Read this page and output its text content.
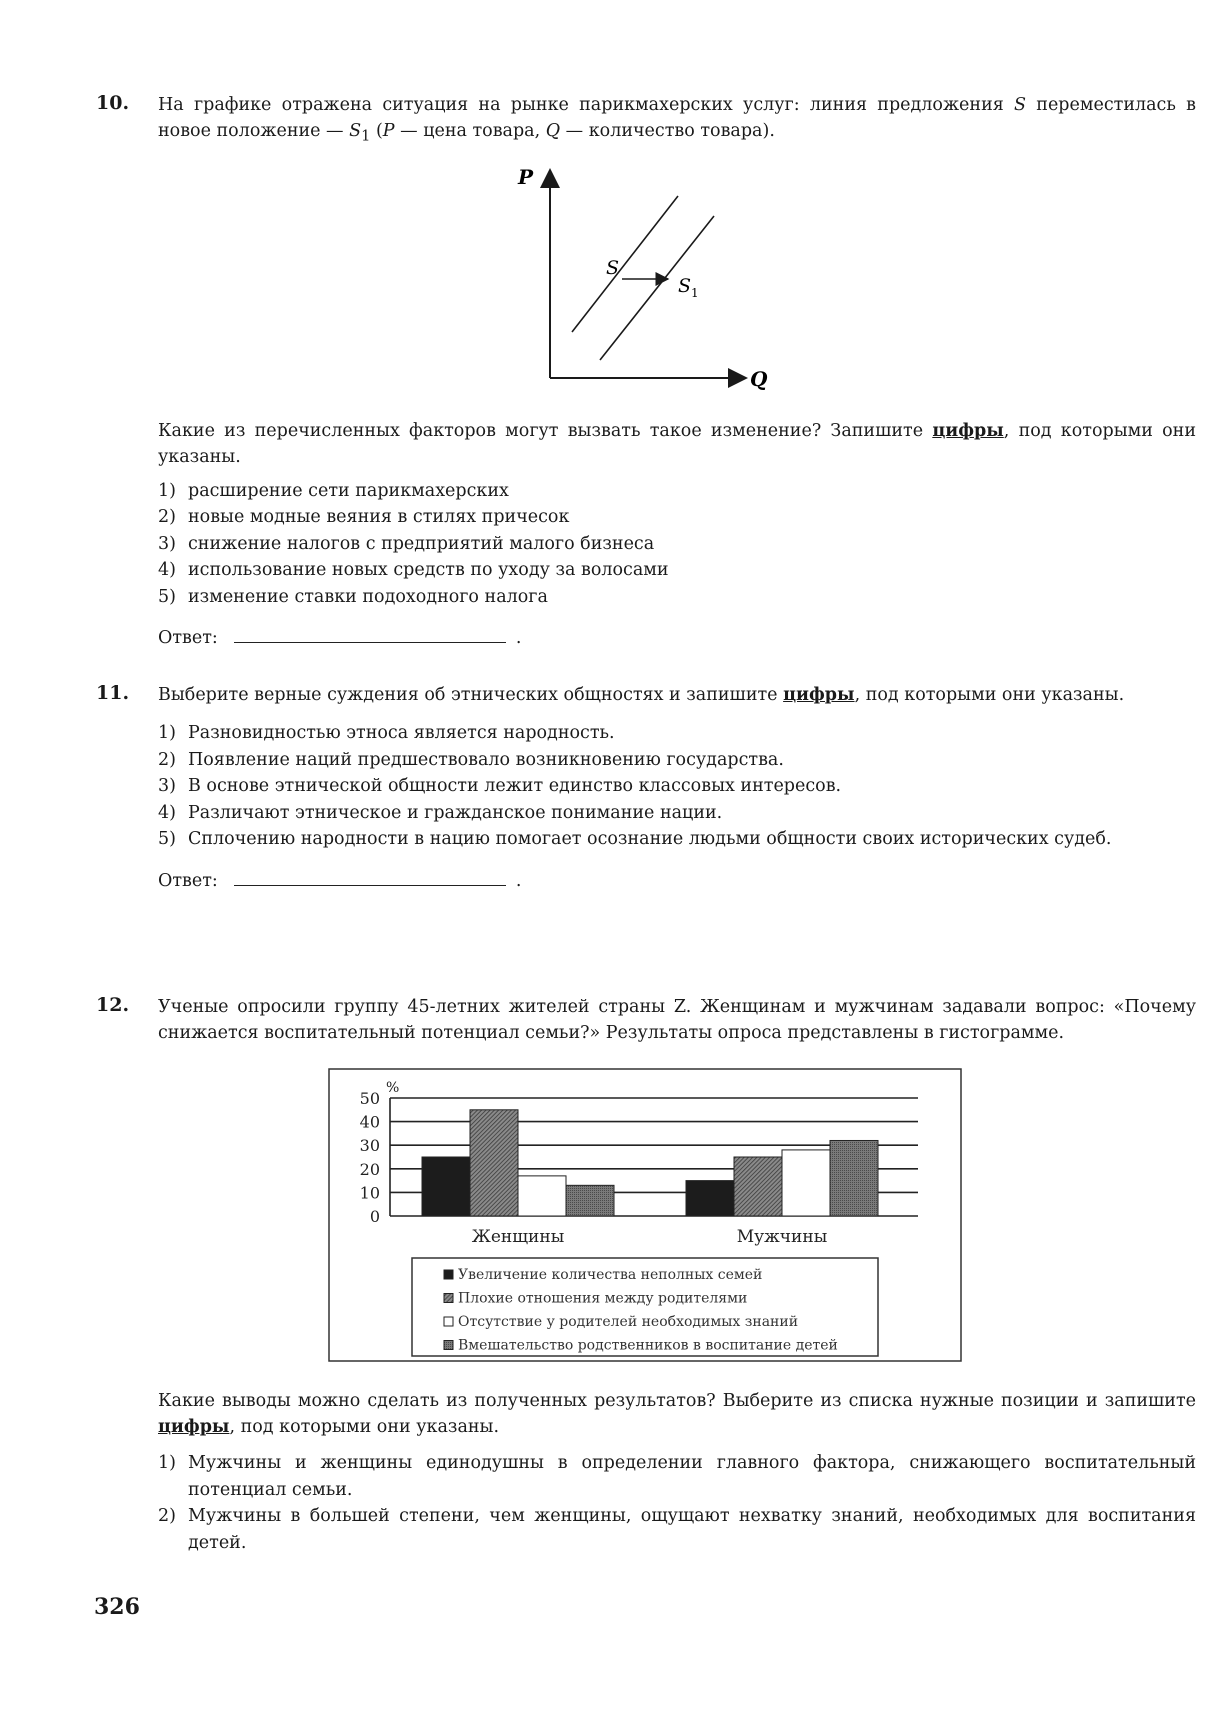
10. На графике отражена ситуация на рынке парикмахерских услуг: линия предложения S переместилась в новое положение — $S_1$ (P — цена товара, Q — количество товара).

P
Q
S
$S_1$

Какие из перечисленных факторов могут вызвать такое изменение? Запишите цифры, под которыми они указаны.

1) расширение сети парикмахерских
2) новые модные веяния в стилях причесок
3) снижение налогов с предприятий малого бизнеса
4) использование новых средств по уходу за волосами
5) изменение ставки подоходного налога
Ответ:	.
11. Выберите верные суждения об этнических общностях и запишите цифры, под которыми они указаны.

1) Разновидностью этноса является народность.
2) Появление наций предшествовало возникновению государства.
3) В основе этнической общности лежит единство классовых интересов.
4) Различают этническое и гражданское понимание нации.
5) Сплочению народности в нацию помогает осознание людьми общности своих исторических судеб.
Ответ:	.
12. Ученые опросили группу 45-летних жителей страны Z. Женщинам и мужчинам задавали вопрос: «Почему снижается воспитательный потенциал семьи?» Результаты опроса представлены в гистограмме.

0
10
20
30
40
50
%
Женщины	Мужчины
Увеличение количества неполных семей
Плохие отношения между родителями
Отсутствие у родителей необходимых знаний
Вмешательство родственников в воспитание детей

Какие выводы можно сделать из полученных результатов? Выберите из списка нужные позиции и запишите цифры, под которыми они указаны.

1) Мужчины и женщины единодушны в определении главного фактора, снижающего воспитательный потенциал семьи.
2) Мужчины в большей степени, чем женщины, ощущают нехватку знаний, необходимых для воспитания детей.
326
